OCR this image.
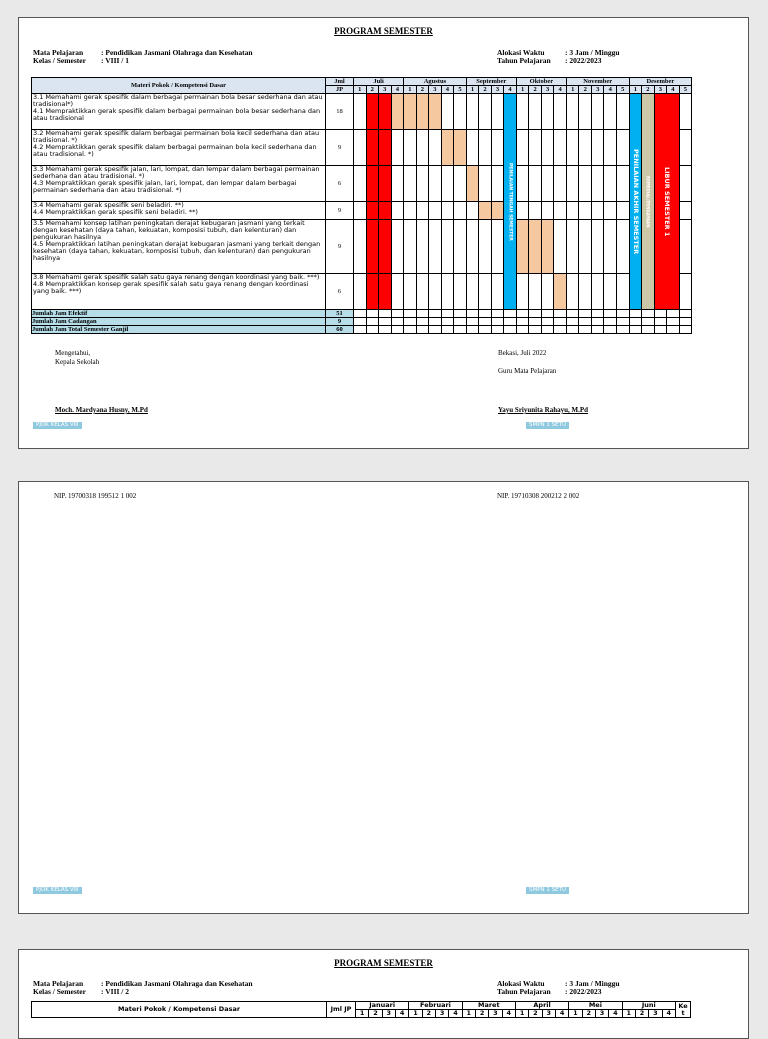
PROGRAM SEMESTER
Mata Pelajaran : Pendidikan Jasmani Olahraga dan Kesehatan
Kelas / Semester : VIII / 1
Alokasi Waktu	: 3 Jam / Minggu
Tahun Pelajaran : 2022/2023
Materi Pokok / Kompetensi Dasar	Jml	Juli				Agustus					September				Oktober				November					Desember				
	JP	1	2	3	4	1	2	3	4	5	1	2	3	4	1	2	3	4	1	2	3	4	5	1	2	3	4	5
3.1 Memahami gerak spesifik dalam berbagai permainan bola besar sederhana dan atau tradisional*)
4.1 Mempraktikkan gerak spesifik dalam berbagai permainan bola besar sederhana dan atau tradisional	18													PENILAIAN TENGAH SEMESTER										PENILAIAN AKHIR SEMESTER	REMEDIAL/PENGAYAAN	LIBUR SEMESTER 1		

3.2 Memahami gerak spesifik dalam berbagai permainan bola kecil sederhana dan atau tradisional. *)
4.2 Mempraktikkan gerak spesifik dalam berbagai permainan bola kecil sederhana dan atau tradisional. *)	9																											
3.3 Memahami gerak spesifik jalan, lari, lompat, dan lempar dalam berbagai permainan sederhana dan atau tradisional. *)
4.3 Mempraktikkan gerak spesifik jalan, lari, lompat, dan lempar dalam berbagai permainan sederhana dan atau tradisional. *)	6																											
3.4 Memahami gerak spesifik seni beladiri. **)
4.4 Mempraktikkan gerak spesifik seni beladiri. **)	9																											
3.5 Memahami konsep latihan peningkatan derajat kebugaran jasmani yang terkait dengan kesehatan (daya tahan, kekuatan, komposisi tubuh, dan kelenturan) dan pengukuran hasilnya
4.5 Mempraktikkan latihan peningkatan derajat kebugaran jasmani yang terkait dengan kesehatan (daya tahan, kekuatan, komposisi tubuh, dan kelenturan) dan pengukuran hasilnya	9																											
3.8 Memahami gerak spesifik salah satu gaya renang dengan koordinasi yang baik. ***)
4.8 Mempraktikkan konsep gerak spesifik salah satu gaya renang dengan koordinasi yang baik. ***)	6																											
Jumlah Jam Efektif	51																											
Jumlah Jam Cadangan	9																											
Jumlah Jam Total Semester Ganjil	60																											
Mengetahui,
Kepala Sekolah
Bekasi, Juli 2022
Guru Mata Pelajaran
Moch. Mardyana Husny, M.Pd	Yayu Sriyunita Rahayu, M.Pd
PJOK KELAS VIII	SMPN 1 SETU
NIP. 19700318 199512 1 002	NIP. 19710308 200212 2 002
PJOK KELAS VIII	SMPN 1 SETU
PROGRAM SEMESTER
Mata Pelajaran : Pendidikan Jasmani Olahraga dan Kesehatan
Kelas / Semester : VIII / 2
Alokasi Waktu	: 3 Jam / Minggu
Tahun Pelajaran : 2022/2023
Materi Pokok / Kompetensi Dasar	Jml JP	Januari				Februari				Maret				April				Mei				Juni				Ke t
		1	2	3	4	1	2	3	4	1	2	3	4	1	2	3	4	1	2	3	4	1	2	3	4	
